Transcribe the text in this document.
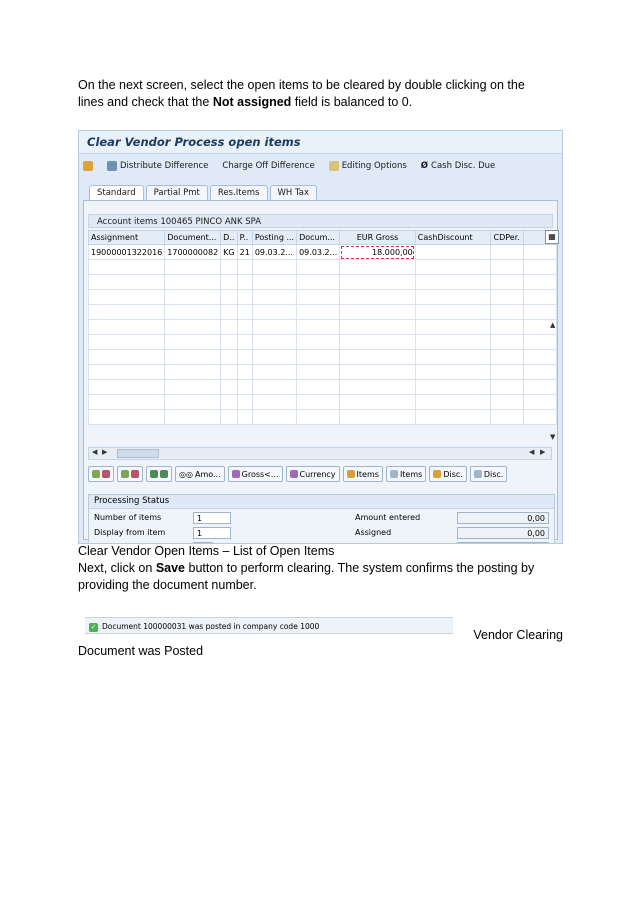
On the next screen, select the open items to be cleared by double clicking on the
lines and check that the Not assigned field is balanced to 0.
Clear Vendor Process open items
Distribute Difference Charge Off Difference	Editing Options Ø Cash Disc. Due
Standard	Partial Pmt	Res.Items	WH Tax
Account items 100465 PINCO ANK SPA
Assignment	Document...	D..	P..	Posting ...	Docum...	EUR Gross	CashDiscount	CDPer.	
19000001322016	1700000082	KG	21	09.03.2...	09.03.2...	18.000,00			

▦
▲
▼
◀ ▶	◀ ▶
◎◎ Amo...	Gross<...	Currency	Items	Items	Disc.	Disc.
Processing Status
Number of items	1
Display from item	1
Amount entered	0,00
Assigned	0,00
Clear Vendor Open Items – List of Open Items
Next, click on Save button to perform clearing. The system confirms the posting by
providing the document number.
✓ Document 100000031 was posted in company code 1000
Vendor Clearing
Document was Posted
